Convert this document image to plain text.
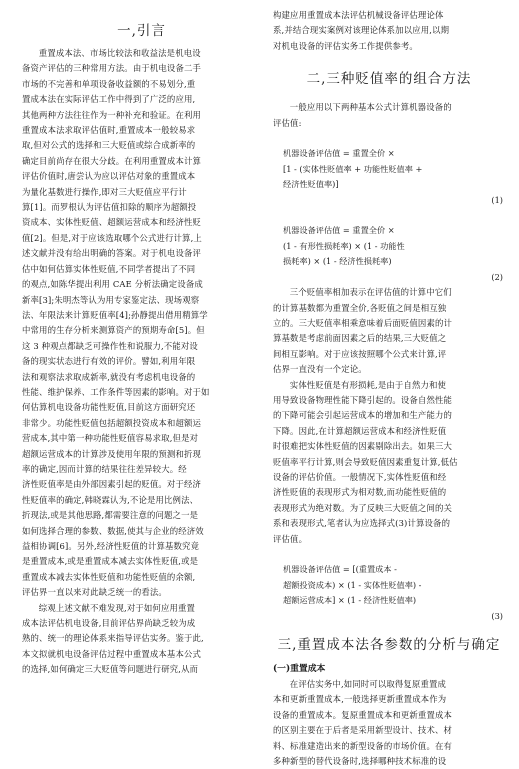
一,引言
重置成本法、市场比较法和收益法是机电设
备资产评估的三种常用方法。由于机电设备二手
市场的不完善和单项设备收益额的不易划分,重
置成本法在实际评估工作中得到了广泛的应用,
其他两种方法往往作为一种补充和验证。在利用
重置成本法求取评估值时,重置成本一般较易求
取,但对公式的选择和三大贬值或综合成新率的
确定目前尚存在很大分歧。在利用重置成本计算
评估价值时,唐尝认为应以评估对象的重置成本
为量化基数进行操作,即对三大贬值应平行计
算[1]。而罗根认为评估值扣除的顺序为超额投
资成本、实体性贬值、超额运营成本和经济性贬
值[2]。但是,对于应该选取哪个公式进行计算,上
述文献并没有给出明确的答案。对于机电设备评
估中如何估算实体性贬值,不同学者提出了不同
的观点,如陈华提出利用 CAE 分析法确定设备成
新率[3];朱明杰等认为用专家鉴定法、现场观察
法、年限法来计算贬值率[4];孙静提出借用精算学
中常用的生存分析来测算资产的预期寿命[5]。但
这 3 种观点都缺乏可操作性和说服力,不能对设
备的现实状态进行有效的评价。譬如,利用年限
法和观察法求取成新率,就没有考虑机电设备的
性能、维护保养、工作条件等因素的影响。对于如
何估算机电设备功能性贬值,目前这方面研究还
非常少。功能性贬值包括超额投资成本和超额运
营成本,其中第一种功能性贬值容易求取,但是对
超额运营成本的计算涉及使用年限的预测和折现
率的确定,因而计算的结果往往差异较大。经
济性贬值率是由外部因素引起的贬值。对于经济
性贬值率的确定,韩晓霖认为,不论是用比例法、
折现法,或是其他思路,都需要注意的问题之一是
如何选择合理的参数、数据,使其与企业的经济效
益相协调[6]。另外,经济性贬值的计算基数究竟
是重置成本,或是重置成本减去实体性贬值,或是
重置成本减去实体性贬值和功能性贬值的余额,
评估界一直以来对此缺乏统一的看法。
综观上述文献不难发现,对于如何应用重置
成本法评估机电设备,目前评估界尚缺乏较为成
熟的、统一的理论体系来指导评估实务。鉴于此,
本文拟就机电设备评估过程中重置成本基本公式
的选择,如何确定三大贬值等问题进行研究,从而
构建应用重置成本法评估机械设备评估理论体
系,并结合现实案例对该理论体系加以应用,以期
对机电设备的评估实务工作提供参考。
二,三种贬值率的组合方法
一般应用以下两种基本公式计算机器设备的
评估值:

机器设备评估值 = 重置全价 ×
[1 - (实体性贬值率 + 功能性贬值率 +
经济性贬值率)]

(1)

机器设备评估值 = 重置全价 ×
(1 - 有形性损耗率) × (1 - 功能性
损耗率) × (1 - 经济性损耗率)

(2)

三个贬值率相加表示在评估值的计算中它们
的计算基数都为重置全价,各贬值之间是相互独
立的。三大贬值率相乘意味着后面贬值因素的计
算基数是考虑前面因素之后的结果,三大贬值之
间相互影响。对于应该按照哪个公式来计算,评
估界一直没有一个定论。
实体性贬值是有形损耗,是由于自然力和使
用导致设备物理性能下降引起的。设备自然性能
的下降可能会引起运营成本的增加和生产能力的
下降。因此,在计算超额运营成本和经济性贬值
时很难把实体性贬值的因素剔除出去。如果三大
贬值率平行计算,则会导致贬值因素重复计算,低估
设备的评估价值。一般情况下,实体性贬值和经
济性贬值的表现形式为相对数,而功能性贬值的
表现形式为绝对数。为了反映三大贬值之间的关
系和表现形式,笔者认为应选择式(3)计算设备的
评估值。

机器设备评估值 = [(重置成本 -
超额投资成本) × (1 - 实体性贬值率) -
超额运营成本] × (1 - 经济性贬值率)

(3)

三,重置成本法各参数的分析与确定
(一)重置成本
在评估实务中,如同时可以取得复原重置成
本和更新重置成本,一般选择更新重置成本作为
设备的重置成本。复原重置成本和更新重置成本
的区别主要在于后者是采用新型设计、技术、材
料、标准建造出来的新型设备的市场价值。在有
多种新型的替代设备时,选择哪种技术标准的设
